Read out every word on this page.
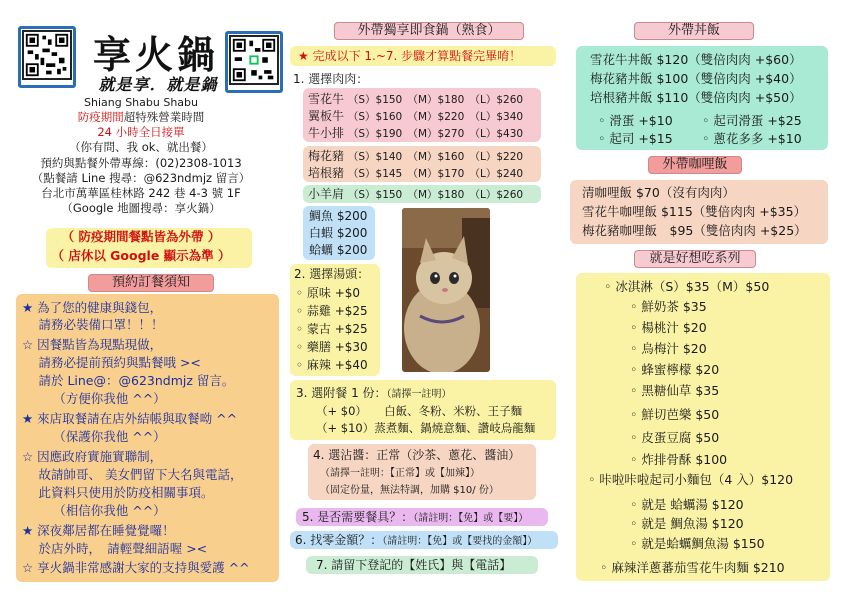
享火鍋
就是享．就是鍋
Shiang Shabu Shabu
防疫期間超特殊營業時間
24 小時全日接單
（你有問、我 ok、就出餐）
預約與點餐外帶專線：(02)2308-1013
（點餐請 Line 搜尋：@623ndmjz 留言）
台北市萬華區桂林路 242 巷 4-3 號 1F
（Google 地圖搜尋：享火鍋）
（ 防疫期間餐點皆為外帶 ）
（ 店休以 Google 顯示為準 ）
預約訂餐須知
★ 為了您的健康與錢包，
　 請務必裝備口罩！！！
☆ 因餐點皆為現點現做，
　 請務必提前預約與點餐哦 ><
　 請於 Line@：@623ndmjz 留言。
　　　（方便你我他 ^^）
★ 來店取餐請在店外結帳與取餐呦 ^^
　　　（保護你我他 ^^）
☆ 因應政府實施實聯制，
　 故請帥哥、 美女們留下大名與電話，
　 此資料只使用於防疫相關事項。
　　　（相信你我他 ^^）
★ 深夜鄰居都在睡覺覺囉！
　 於店外時，　請輕聲細語喔 ><
☆ 享火鍋非常感謝大家的支持與愛護 ^^
外帶獨享即食鍋（熟食）
★ 完成以下 1.~7. 步驟才算點餐完畢唷！
1. 選擇肉肉：
雪花牛 （S）$150　（M）$180　（L）$260
翼板牛 （S）$160　（M）$220　（L）$340
牛小排 （S）$190　（M）$270　（L）$430
梅花豬 （S）$140　（M）$160　（L）$220
培根豬 （S）$145　（M）$170　（L）$240
小羊肩 （S）$150　（M）$180　（L）$260
鯛魚 $200
白蝦 $200
蛤蠣 $200
2. 選擇湯頭：
◦ 原味 +$0
◦ 蒜雞 +$25
◦ 蒙古 +$25
◦ 藥膳 +$30
◦ 麻辣 +$40
3. 選附餐 1 份：（請擇一註明）
（+ $0）　　白飯、冬粉、米粉、王子麵
（+ $10）蒸煮麵、鍋燒意麵、讚岐烏龍麵
4. 選沾醬：正常（沙茶、蔥花、醬油）
（請擇一註明：【正常】或【加辣】）
（固定份量，無法特調，加購 $10/ 份）
5. 是否需要餐具？：（請註明：【免】或【要】）
6. 找零金額？：（請註明：【免】或【要找的金額】）
7. 請留下登記的【姓氏】與【電話】
外帶丼飯
雪花牛丼飯 $120（雙倍肉肉 +$60）
梅花豬丼飯 $100（雙倍肉肉 +$40）
培根豬丼飯 $110（雙倍肉肉 +$50）
◦ 滑蛋 +$10 ◦ 起司滑蛋 +$25
◦ 起司 +$15 ◦ 蔥花多多 +$10
外帶咖哩飯
清咖哩飯 $70（沒有肉肉）
雪花牛咖哩飯 $115（雙倍肉肉 +$35）
梅花豬咖哩飯　$95（雙倍肉肉 +$25）
就是好想吃系列
◦ 冰淇淋（S）$35（M）$50
◦ 鮮奶茶 $35
◦ 楊桃汁 $20
◦ 烏梅汁 $20
◦ 蜂蜜檸檬 $20
◦ 黑糖仙草 $35
◦ 鮮切芭樂 $50
◦ 皮蛋豆腐 $50
◦ 炸排骨酥 $100
◦ 咔啦咔啦起司小麵包（4 入）$120
◦ 就是 蛤蠣湯 $120
◦ 就是 鯛魚湯 $120
◦ 就是蛤蠣鯛魚湯 $150
◦ 麻辣洋蔥蕃茄雪花牛肉麵 $210
